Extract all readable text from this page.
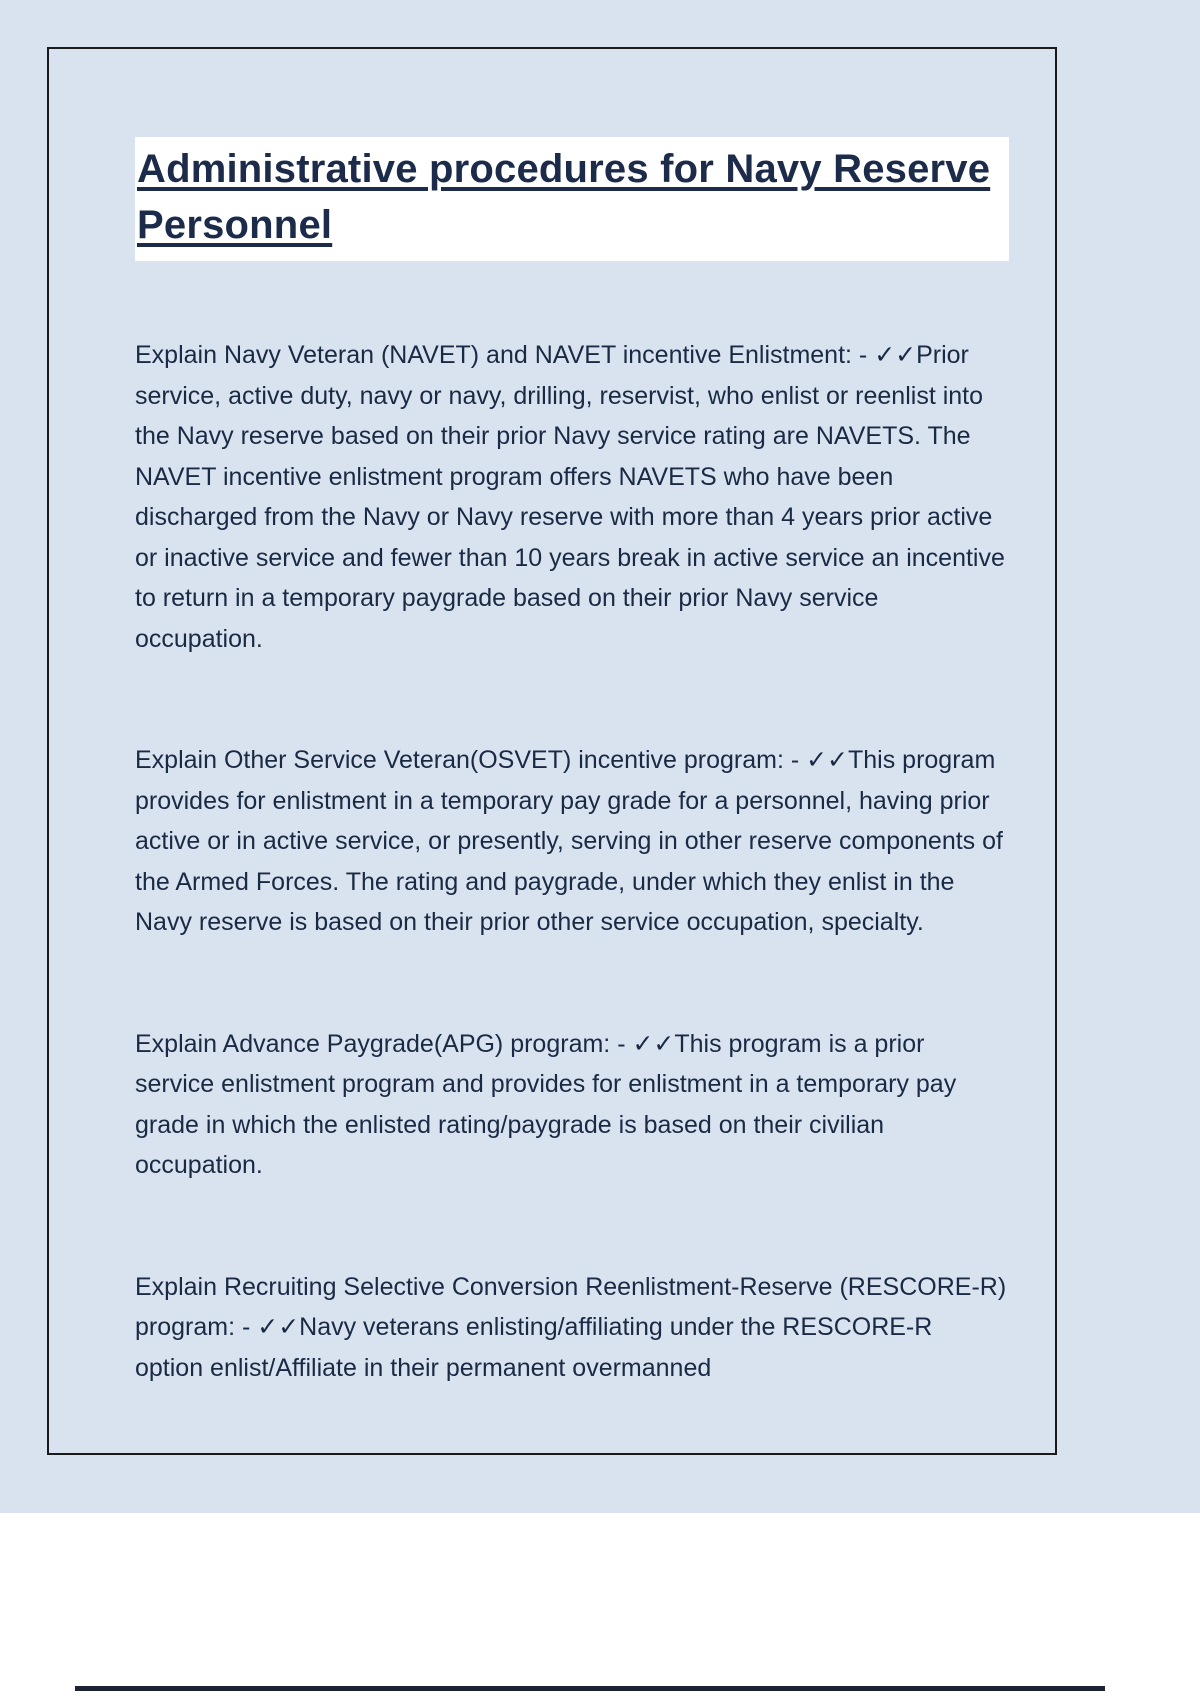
Administrative procedures for Navy Reserve Personnel

Explain Navy Veteran (NAVET) and NAVET incentive Enlistment: - ✓✓Prior service, active duty, navy or navy, drilling, reservist, who enlist or reenlist into the Navy reserve based on their prior Navy service rating are NAVETS. The NAVET incentive enlistment program offers NAVETS who have been discharged from the Navy or Navy reserve with more than 4 years prior active or inactive service and fewer than 10 years break in active service an incentive to return in a temporary paygrade based on their prior Navy service occupation.

Explain Other Service Veteran(OSVET) incentive program: - ✓✓This program provides for enlistment in a temporary pay grade for a personnel, having prior active or in active service, or presently, serving in other reserve components of the Armed Forces. The rating and paygrade, under which they enlist in the Navy reserve is based on their prior other service occupation, specialty.

Explain Advance Paygrade(APG) program: - ✓✓This program is a prior service enlistment program and provides for enlistment in a temporary pay grade in which the enlisted rating/paygrade is based on their civilian occupation.

Explain Recruiting Selective Conversion Reenlistment-Reserve (RESCORE-R) program: - ✓✓Navy veterans enlisting/affiliating under the RESCORE-R option enlist/Affiliate in their permanent overmanned
